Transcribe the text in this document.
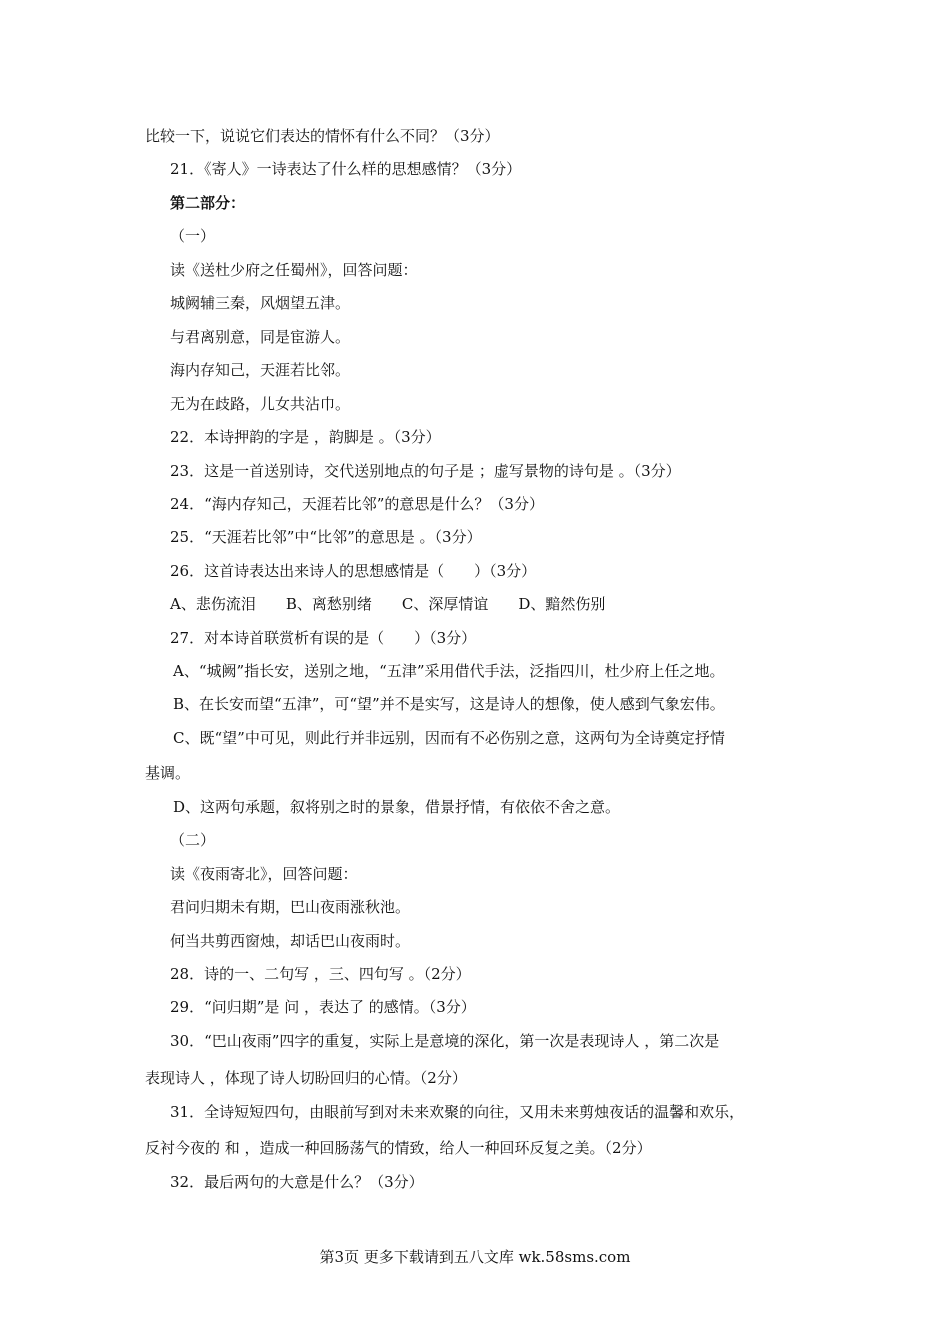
比较一下，说说它们表达的情怀有什么不同？（3分）
21．《寄人》一诗表达了什么样的思想感情？（3分）
第二部分：
（一）
读《送杜少府之任蜀州》，回答问题：
城阙辅三秦，风烟望五津。
与君离别意，同是宦游人。
海内存知己，天涯若比邻。
无为在歧路，儿女共沾巾。
22．本诗押韵的字是 ，韵脚是 。（3分）
23．这是一首送别诗，交代送别地点的句子是 ；虚写景物的诗句是 。（3分）
24．“海内存知己，天涯若比邻”的意思是什么？（3分）
25．“天涯若比邻”中“比邻”的意思是 。（3分）
26．这首诗表达出来诗人的思想感情是（　　）（3分）
A、悲伤流泪　　B、离愁别绪　　C、深厚情谊　　D、黯然伤别
27．对本诗首联赏析有误的是（　　）（3分）
A、“城阙”指长安，送别之地，“五津”采用借代手法，泛指四川，杜少府上任之地。
B、在长安而望“五津”，可“望”并不是实写，这是诗人的想像，使人感到气象宏伟。
C、既“望”中可见，则此行并非远别，因而有不必伤别之意，这两句为全诗奠定抒情
基调。
D、这两句承题，叙将别之时的景象，借景抒情，有依依不舍之意。
（二）
读《夜雨寄北》，回答问题：
君问归期未有期，巴山夜雨涨秋池。
何当共剪西窗烛，却话巴山夜雨时。
28．诗的一、二句写 ，三、四句写 。（2分）
29．“问归期”是 问 ，表达了 的感情。（3分）
30．“巴山夜雨”四字的重复，实际上是意境的深化，第一次是表现诗人 ，第二次是
表现诗人 ，体现了诗人切盼回归的心情。（2分）
31．全诗短短四句，由眼前写到对未来欢聚的向往，又用未来剪烛夜话的温馨和欢乐，
反衬今夜的 和 ，造成一种回肠荡气的情致，给人一种回环反复之美。（2分）
32．最后两句的大意是什么？（3分）
第3页 更多下载请到五八文库 wk.58sms.com
